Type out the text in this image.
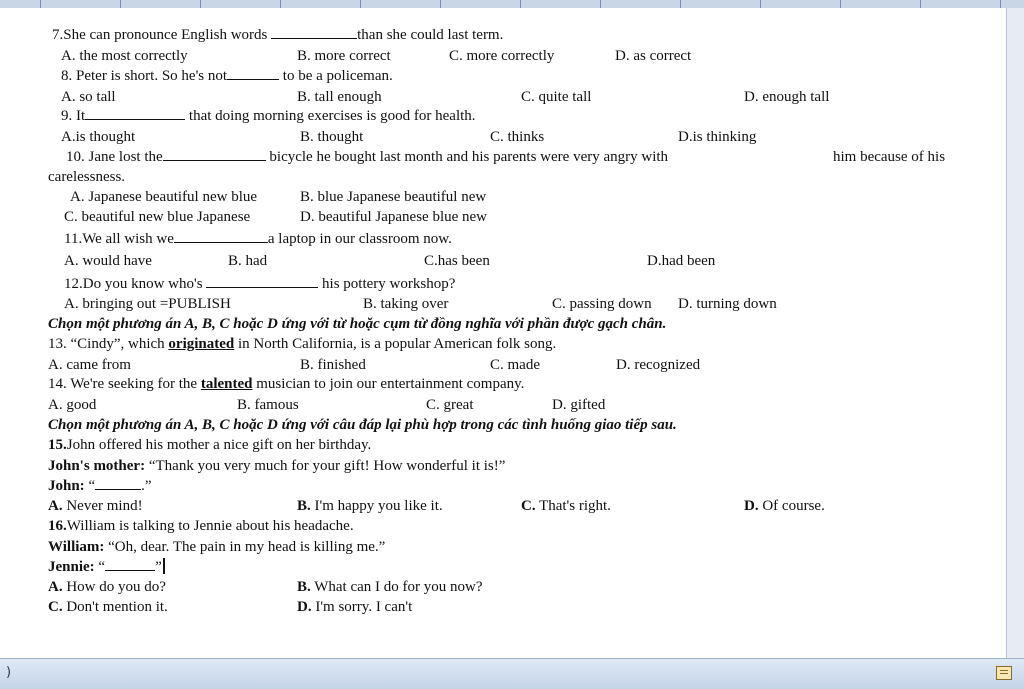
7.She can pronounce English words	than she could last term.
A. the most correctly	B. more correct	C. more correctly	D. as correct
8. Peter is short. So he's not	to be a policeman.
A. so tall	B. tall enough	C. quite tall	D. enough tall
9. It	that doing morning exercises is good for health.
A.is thought	B. thought	C. thinks	D.is thinking
10. Jane lost the	bicycle he bought last month and his parents were very angry with	him because of his
carelessness.
A. Japanese beautiful new blue	B. blue Japanese beautiful new
C. beautiful new blue Japanese	D. beautiful Japanese blue new
11.We all wish we	a laptop in our classroom now.
A. would have	B. had	C.has been	D.had been
12.Do you know who's	his pottery workshop?
A. bringing out =PUBLISH	B. taking over	C. passing down D. turning down
Chọn một phương án A, B, C hoặc D ứng với từ hoặc cụm từ đồng nghĩa với phần được gạch chân.
13. “Cindy”, which originated in North California, is a popular American folk song.
A. came from	B. finished	C. made	D. recognized
14. We're seeking for the talented musician to join our entertainment company.
A. good	B. famous	C. great	D. gifted
Chọn một phương án A, B, C hoặc D ứng với câu đáp lại phù hợp trong các tình huống giao tiếp sau.
15.John offered his mother a nice gift on her birthday.
John's mother: “Thank you very much for your gift! How wonderful it is!”
John: “	.”
A. Never mind!	B. I'm happy you like it.	C. That's right.	D. Of course.
16.William is talking to Jennie about his headache.
William: “Oh, dear. The pain in my head is killing me.”
Jennie: “	”
A. How do you do?	B. What can I do for you now?
C. Don't mention it.	D. I'm sorry. I can't
)
